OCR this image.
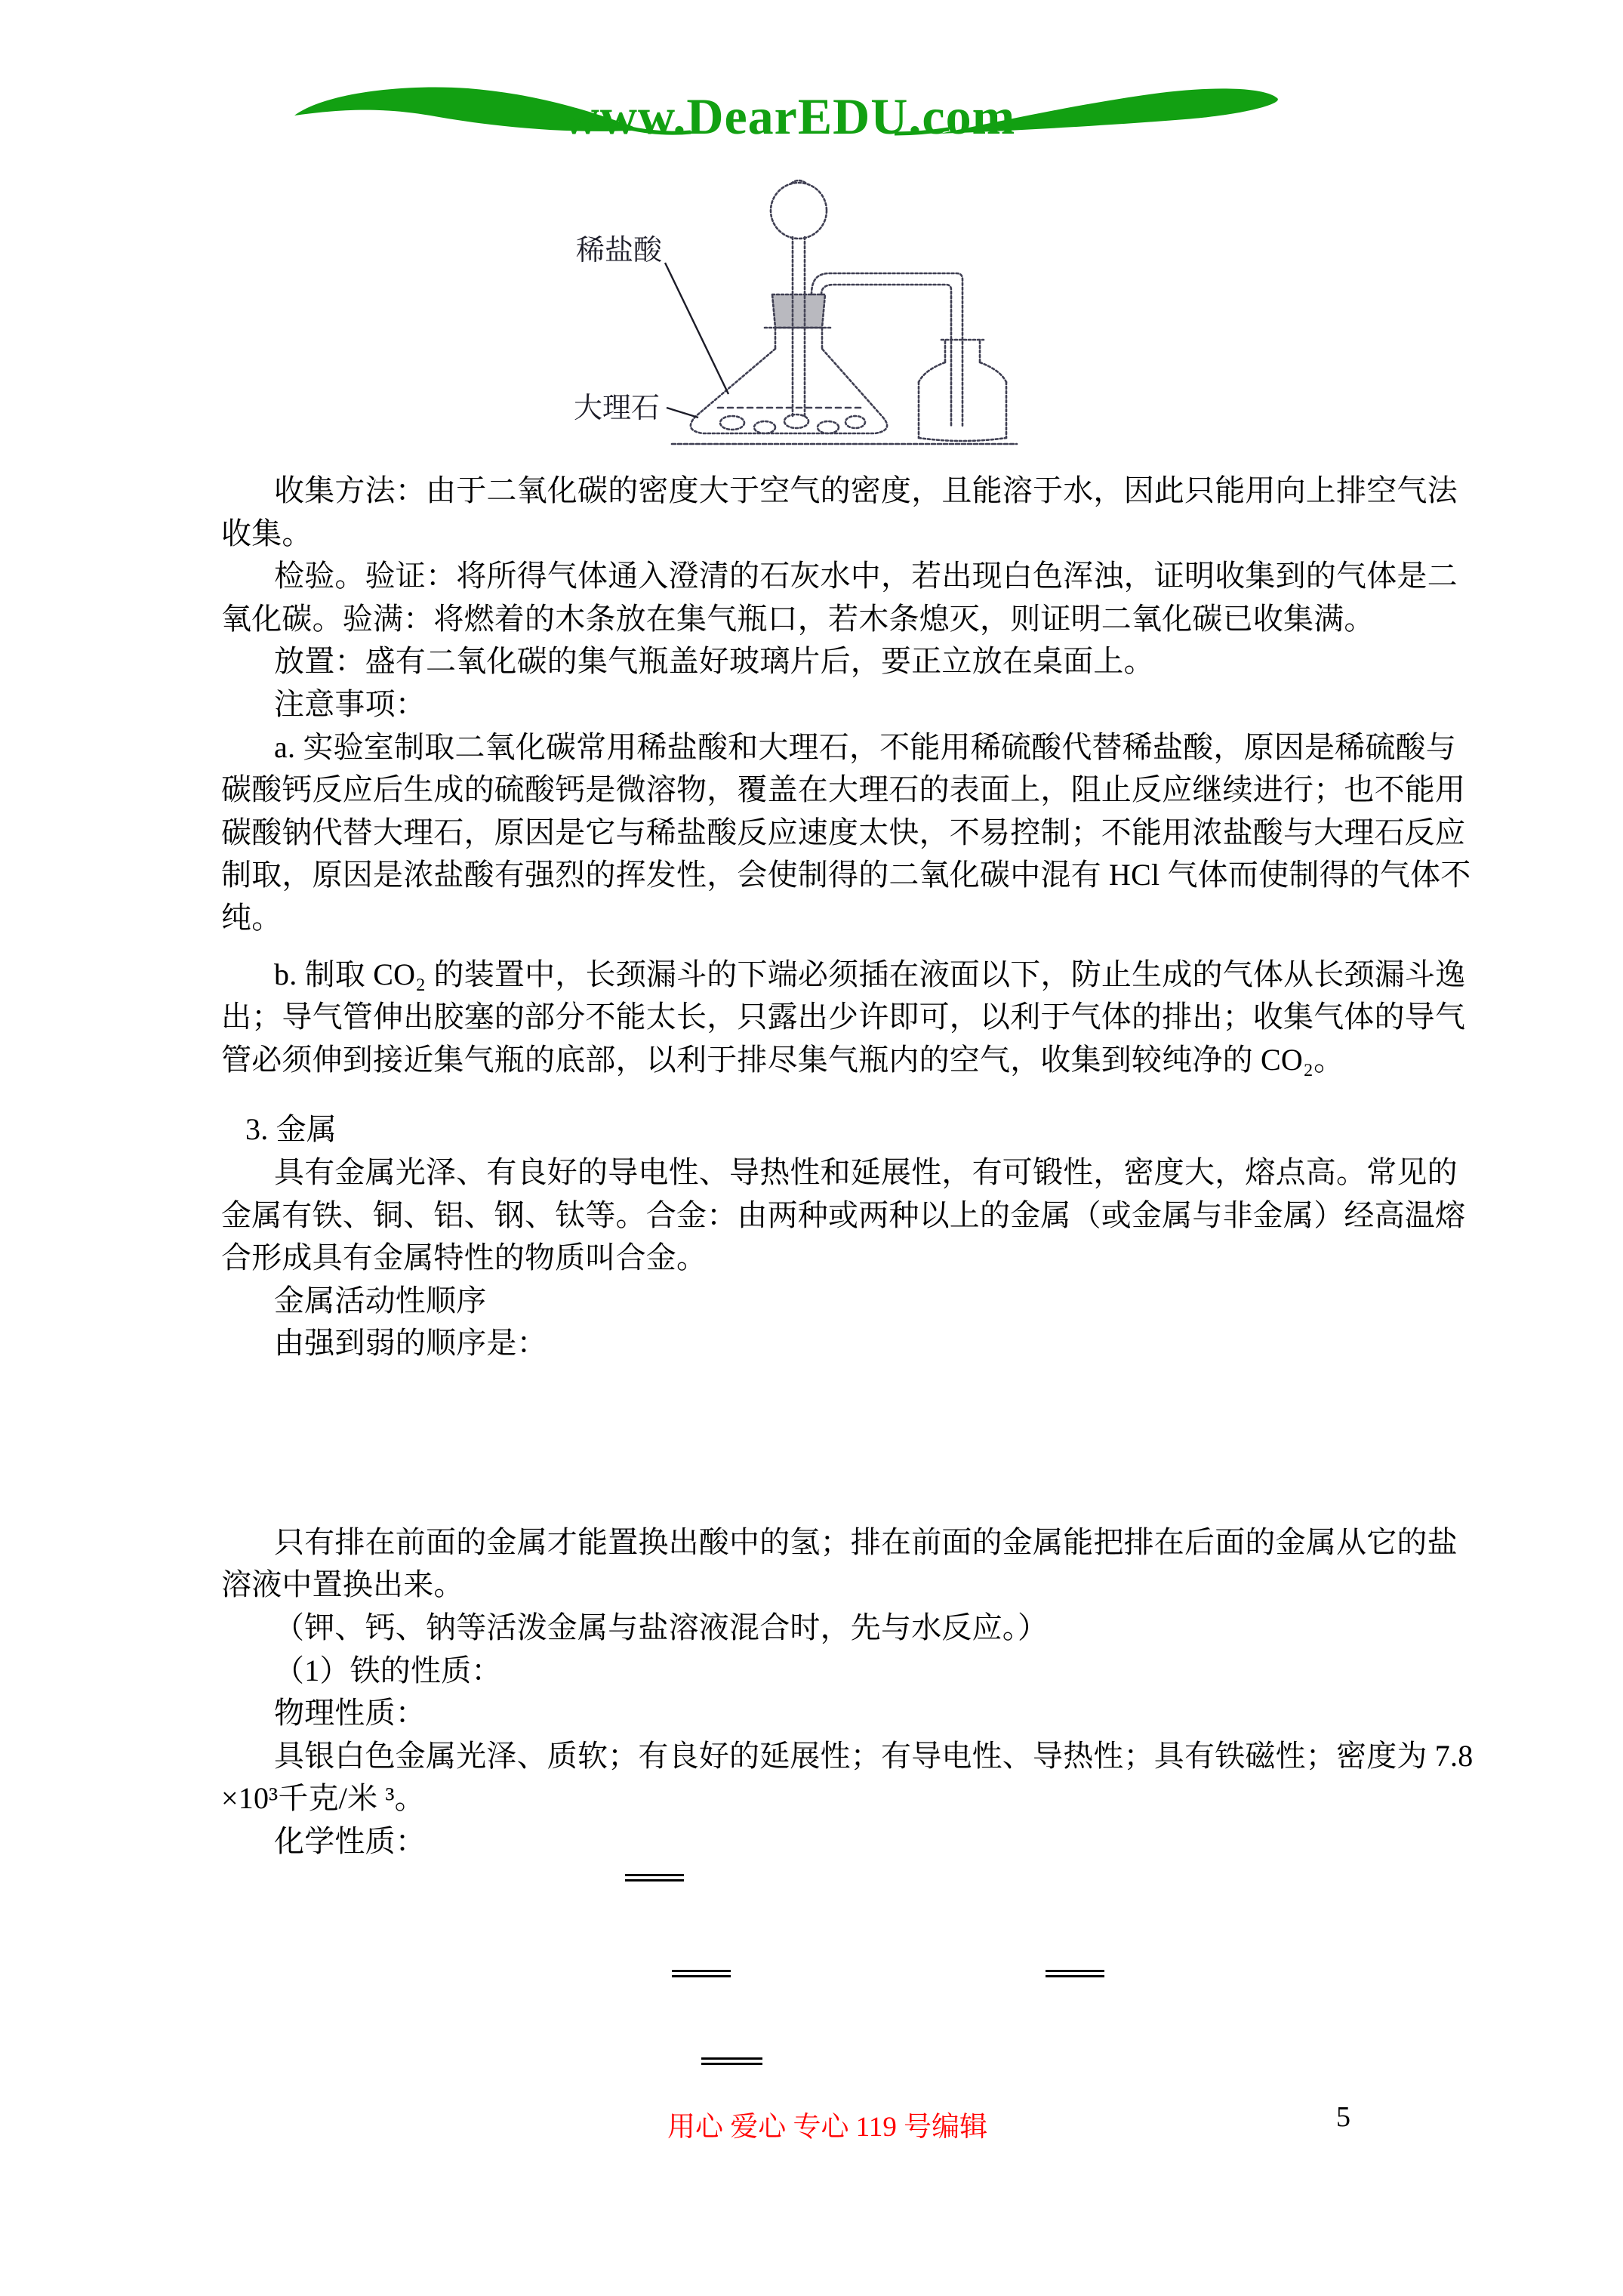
www.DearEDU.com
稀盐酸
大理石
收集方法：由于二氧化碳的密度大于空气的密度，且能溶于水，因此只能用向上排空气法
收集。
检验。验证：将所得气体通入澄清的石灰水中，若出现白色浑浊，证明收集到的气体是二
氧化碳。验满：将燃着的木条放在集气瓶口，若木条熄灭，则证明二氧化碳已收集满。
放置：盛有二氧化碳的集气瓶盖好玻璃片后，要正立放在桌面上。
注意事项：
a. 实验室制取二氧化碳常用稀盐酸和大理石，不能用稀硫酸代替稀盐酸，原因是稀硫酸与
碳酸钙反应后生成的硫酸钙是微溶物，覆盖在大理石的表面上，阻止反应继续进行；也不能用
碳酸钠代替大理石，原因是它与稀盐酸反应速度太快，不易控制；不能用浓盐酸与大理石反应
制取，原因是浓盐酸有强烈的挥发性，会使制得的二氧化碳中混有 HCl 气体而使制得的气体不
纯。
b. 制取 CO₂ 的装置中，长颈漏斗的下端必须插在液面以下，防止生成的气体从长颈漏斗逸
出；导气管伸出胶塞的部分不能太长，只露出少许即可，以利于气体的排出；收集气体的导气
管必须伸到接近集气瓶的底部，以利于排尽集气瓶内的空气，收集到较纯净的 CO₂。
3. 金属
具有金属光泽、有良好的导电性、导热性和延展性，有可锻性，密度大，熔点高。常见的
金属有铁、铜、铝、钢、钛等。合金：由两种或两种以上的金属（或金属与非金属）经高温熔
合形成具有金属特性的物质叫合金。
金属活动性顺序
由强到弱的顺序是：
只有排在前面的金属才能置换出酸中的氢；排在前面的金属能把排在后面的金属从它的盐
溶液中置换出来。
（钾、钙、钠等活泼金属与盐溶液混合时，先与水反应。）
（1）铁的性质：
物理性质：
具银白色金属光泽、质软；有良好的延展性；有导电性、导热性；具有铁磁性；密度为 7.8
×10³千克/米 ³。
化学性质：
用心 爱心 专心 119 号编辑	5
